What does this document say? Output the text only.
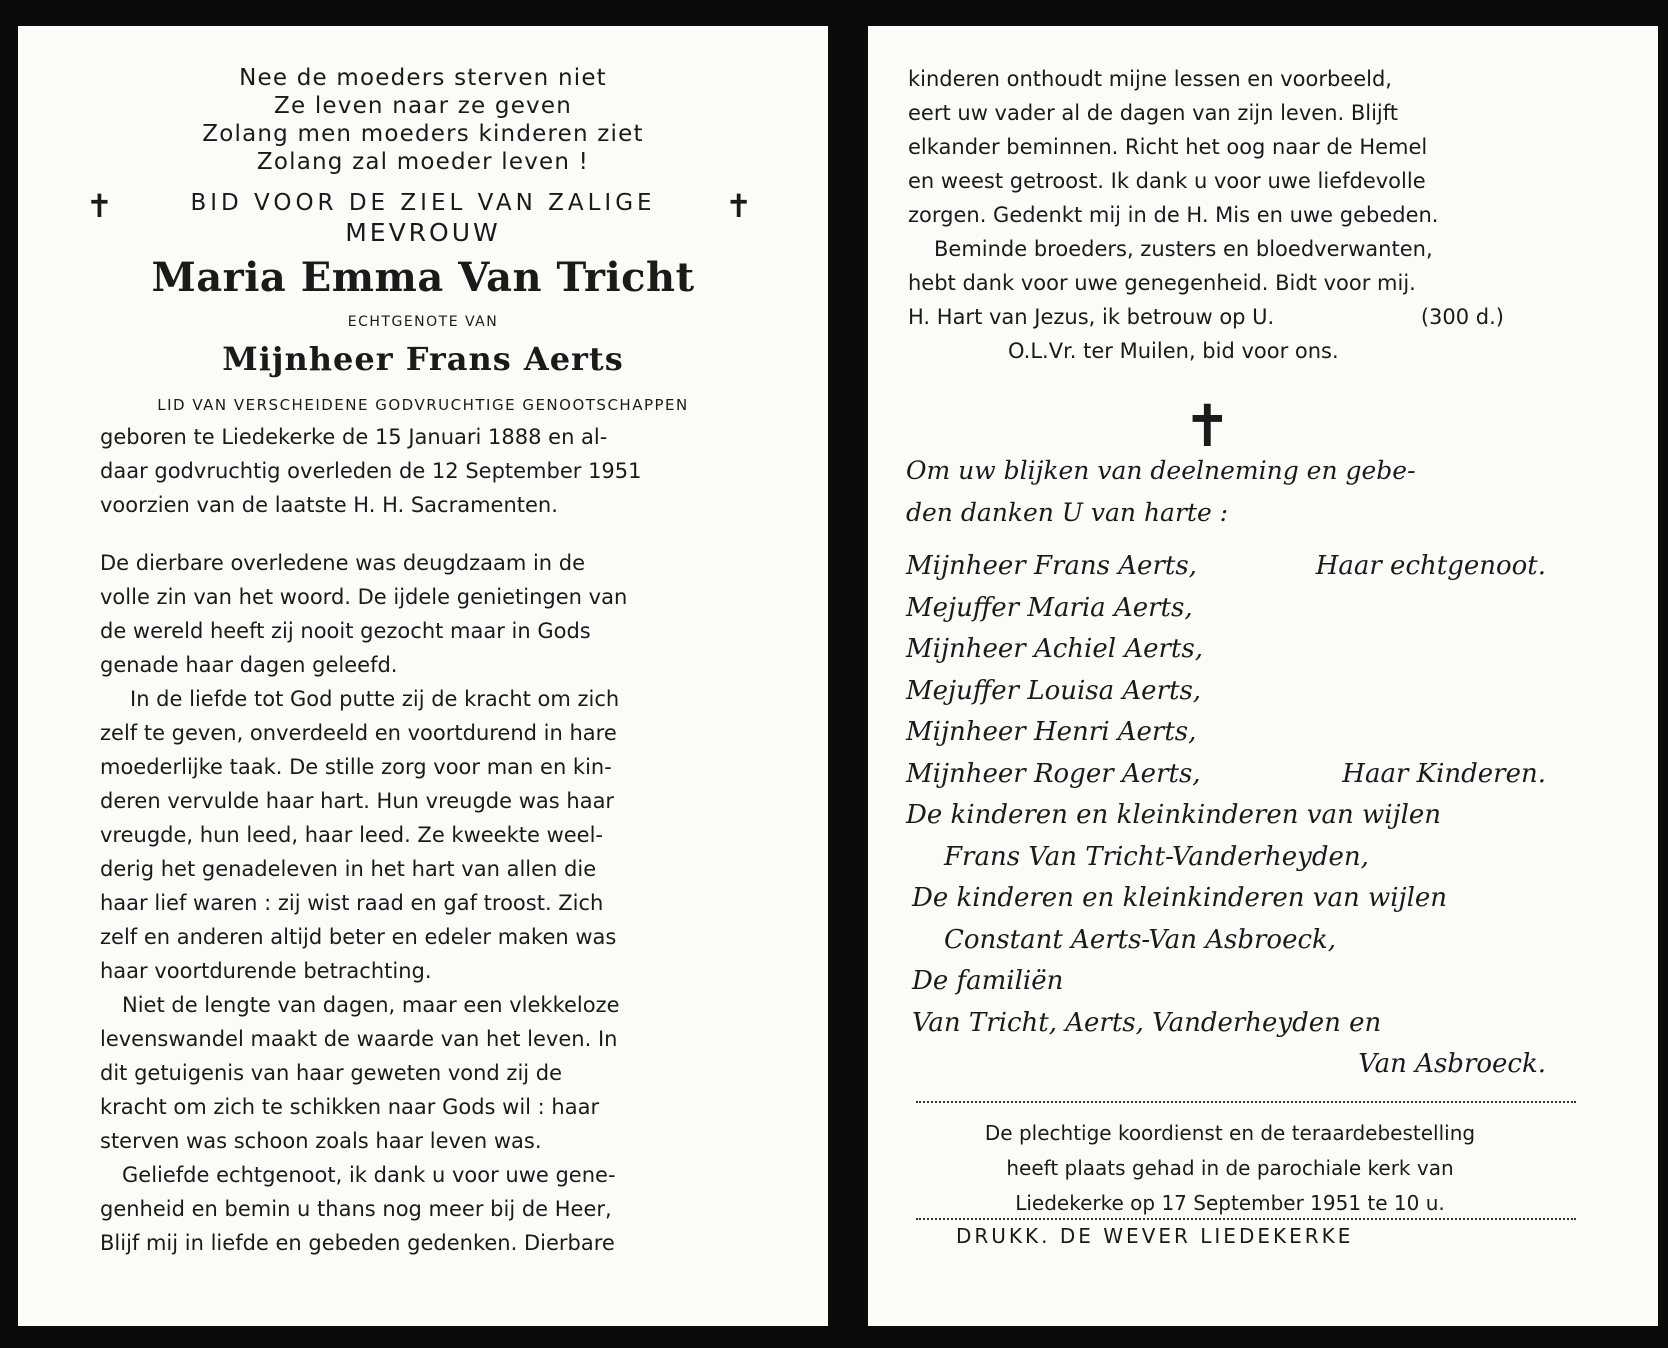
Nee de moeders sterven niet
Ze leven naar ze geven
Zolang men moeders kinderen ziet
Zolang zal moeder leven !
✝	BID VOOR DE ZIEL VAN ZALIGE	✝
MEVROUW
Maria Emma Van Tricht
ECHTGENOTE VAN
Mijnheer Frans Aerts
LID VAN VERSCHEIDENE GODVRUCHTIGE GENOOTSCHAPPEN
geboren te Liedekerke de 15 Januari 1888 en al-
daar godvruchtig overleden de 12 September 1951
voorzien van de laatste H. H. Sacramenten.
De dierbare overledene was deugdzaam in de
volle zin van het woord. De ijdele genietingen van
de wereld heeft zij nooit gezocht maar in Gods
genade haar dagen geleefd.
In de liefde tot God putte zij de kracht om zich
zelf te geven, onverdeeld en voortdurend in hare
moederlijke taak. De stille zorg voor man en kin-
deren vervulde haar hart. Hun vreugde was haar
vreugde, hun leed, haar leed. Ze kweekte weel-
derig het genadeleven in het hart van allen die
haar lief waren : zij wist raad en gaf troost. Zich
zelf en anderen altijd beter en edeler maken was
haar voortdurende betrachting.
Niet de lengte van dagen, maar een vlekkeloze
levenswandel maakt de waarde van het leven. In
dit getuigenis van haar geweten vond zij de
kracht om zich te schikken naar Gods wil : haar
sterven was schoon zoals haar leven was.
Geliefde echtgenoot, ik dank u voor uwe gene-
genheid en bemin u thans nog meer bij de Heer,
Blijf mij in liefde en gebeden gedenken. Dierbare
kinderen onthoudt mijne lessen en voorbeeld,
eert uw vader al de dagen van zijn leven. Blijft
elkander beminnen. Richt het oog naar de Hemel
en weest getroost. Ik dank u voor uwe liefdevolle
zorgen. Gedenkt mij in de H. Mis en uwe gebeden.
Beminde broeders, zusters en bloedverwanten,
hebt dank voor uwe genegenheid. Bidt voor mij.
H. Hart van Jezus, ik betrouw op U.	(300 d.)
O.L.Vr. ter Muilen, bid voor ons.
✝
Om uw blijken van deelneming en gebe-
den danken U van harte :
Mijnheer Frans Aerts,	Haar echtgenoot.
Mejuffer Maria Aerts,
Mijnheer Achiel Aerts,
Mejuffer Louisa Aerts,
Mijnheer Henri Aerts,
Mijnheer Roger Aerts,	Haar Kinderen.
De kinderen en kleinkinderen van wijlen
Frans Van Tricht-Vanderheyden,
De kinderen en kleinkinderen van wijlen
Constant Aerts-Van Asbroeck,
De familiën
Van Tricht, Aerts, Vanderheyden en
Van Asbroeck.
De plechtige koordienst en de teraardebestelling
heeft plaats gehad in de parochiale kerk van
Liedekerke op 17 September 1951 te 10 u.
DRUKK. DE WEVER LIEDEKERKE
